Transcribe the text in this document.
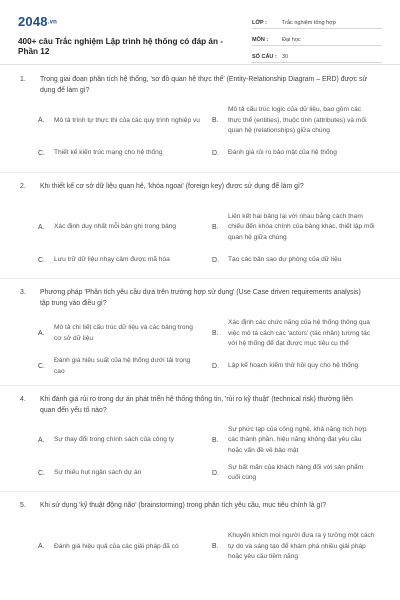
2048.vn
400+ câu Trắc nghiệm Lập trình hệ thống có đáp án - Phần 12
LỚP :	Trắc nghiệm tổng hợp
MÔN :	Đại học
SỐ CÂU : 30
1. Trong giai đoạn phân tích hệ thống, 'sơ đồ quan hệ thực thể' (Entity-Relationship Diagram – ERD) được sử dụng để làm gì?
A.	Mô tả trình tự thực thi của các quy trình nghiệp vụ	B.
Mô tả cấu trúc logic của dữ liệu, bao gồm các thực thể (entities), thuộc tính (attributes) và mối quan hệ (relationships) giữa chúng
C.	Thiết kế kiến trúc mạng cho hệ thống	D.	Đánh giá rủi ro bảo mật của hệ thống
2. Khi thiết kế cơ sở dữ liệu quan hệ, 'khóa ngoại' (foreign key) được sử dụng để làm gì?
A.	Xác định duy nhất mỗi bản ghi trong bảng	B.
Liên kết hai bảng lại với nhau bằng cách tham chiếu đến khóa chính của bảng khác, thiết lập mối quan hệ giữa chúng
C.	Lưu trữ dữ liệu nhạy cảm được mã hóa	D.	Tạo các bản sao dự phòng của dữ liệu
3. Phương pháp 'Phân tích yêu cầu dựa trên trường hợp sử dụng' (Use Case driven requirements analysis) tập trung vào điều gì?
A.
Mô tả chi tiết cấu trúc dữ liệu và các bảng trong cơ sở dữ liệu
B.
Xác định các chức năng của hệ thống thông qua việc mô tả cách các 'actors' (tác nhân) tương tác với hệ thống để đạt được mục tiêu cụ thể
C.
Đánh giá hiệu suất của hệ thống dưới tải trọng cao
D.	Lập kế hoạch kiểm thử hồi quy cho hệ thống
4. Khi đánh giá rủi ro trong dự án phát triển hệ thống thông tin, 'rủi ro kỹ thuật' (technical risk) thường liên quan đến yếu tố nào?
A.	Sự thay đổi trong chính sách của công ty	B.
Sự phức tạp của công nghệ, khả năng tích hợp các thành phần, hiệu năng không đạt yêu cầu hoặc vấn đề về bảo mật
C.	Sự thiếu hụt ngân sách dự án	D.
Sự bất mãn của khách hàng đối với sản phẩm cuối cùng
5. Khi sử dụng 'kỹ thuật động não' (brainstorming) trong phân tích yêu cầu, mục tiêu chính là gì?
A.	Đánh giá hiệu quả của các giải pháp đã có	B.
Khuyến khích mọi người đưa ra ý tưởng một cách tự do và sáng tạo để khám phá nhiều giải pháp hoặc yêu cầu tiềm năng
